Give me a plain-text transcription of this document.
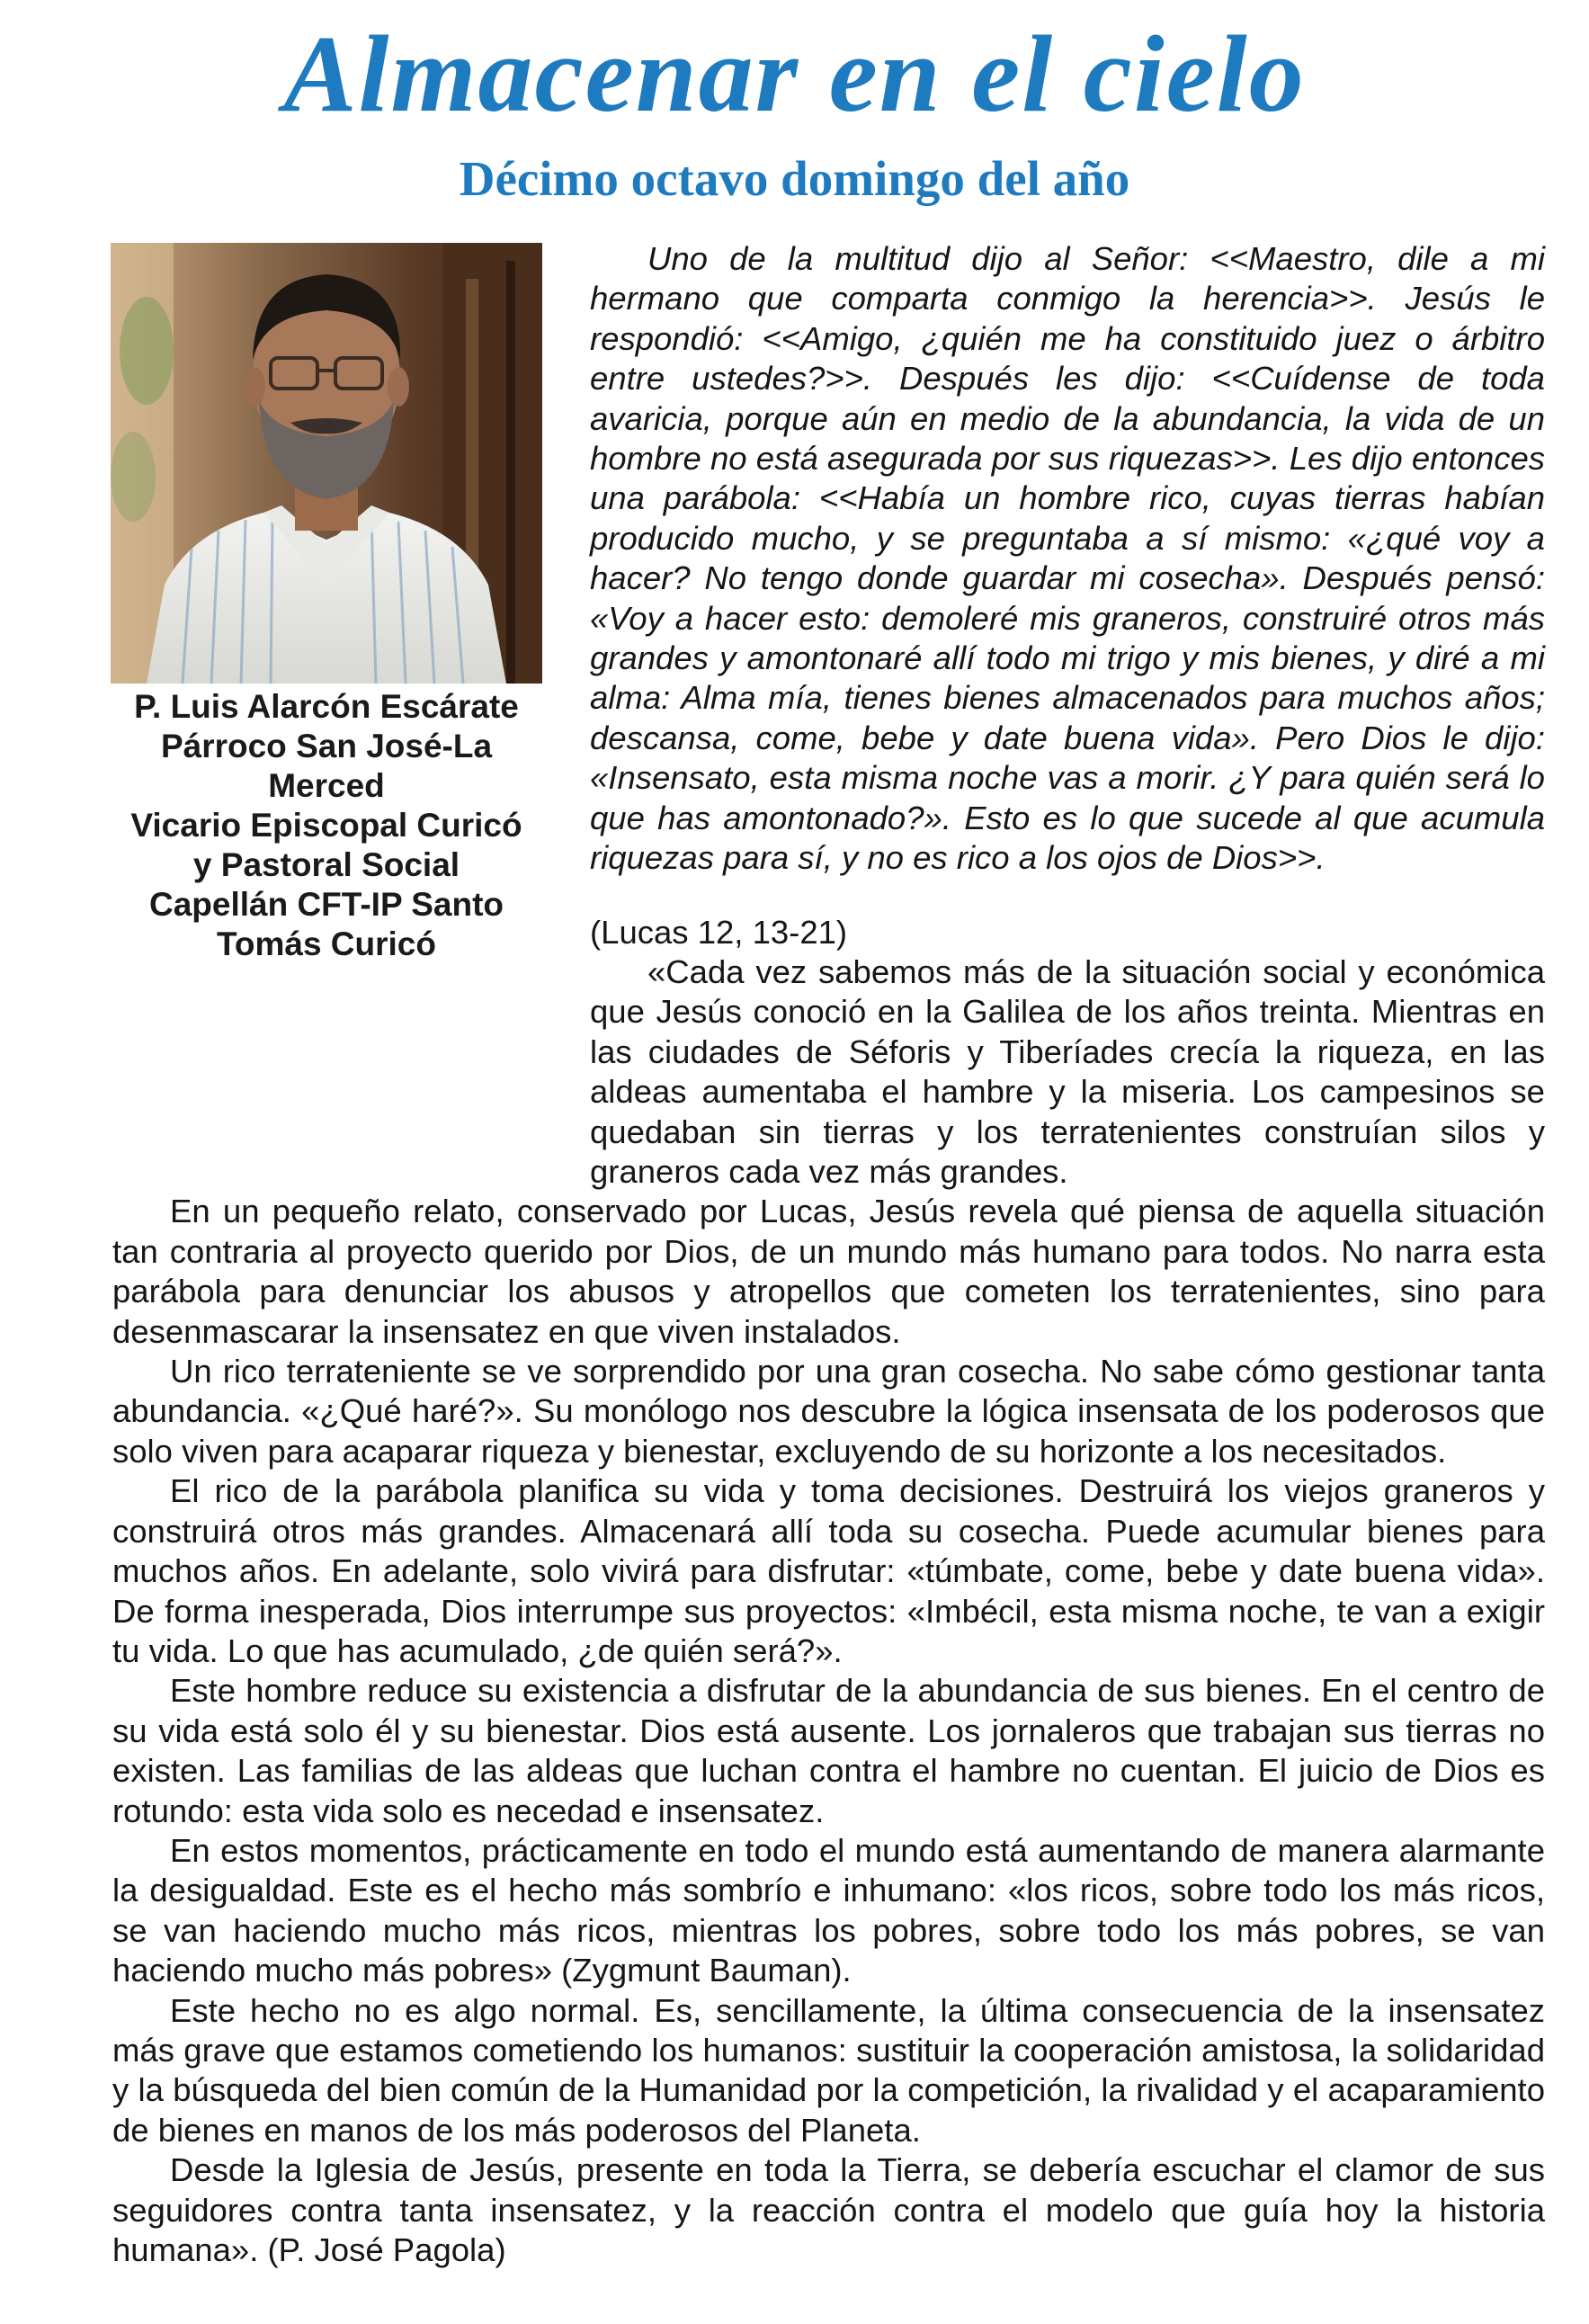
Almacenar en el cielo
Décimo octavo domingo del año
P. Luis Alarcón Escárate
Párroco San José-La
Merced
Vicario Episcopal Curicó
y Pastoral Social
Capellán CFT-IP Santo
Tomás Curicó
Uno de la multitud dijo al Señor: <<Maestro, dile a mi hermano que comparta conmigo la herencia>>. Jesús le respondió: <<Amigo, ¿quién me ha constituido juez o árbitro entre ustedes?>>. Después les dijo: <<Cuídense de toda avaricia, porque aún en medio de la abundancia, la vida de un hombre no está asegurada por sus riquezas>>. Les dijo entonces una parábola: <<Había un hombre rico, cuyas tierras habían producido mucho, y se preguntaba a sí mismo: «¿qué voy a hacer? No tengo donde guardar mi cosecha». Después pensó: «Voy a hacer esto: demoleré mis graneros, construiré otros más grandes y amontonaré allí todo mi trigo y mis bienes, y diré a mi alma: Alma mía, tienes bienes almacenados para muchos años; descansa, come, bebe y date buena vida». Pero Dios le dijo: «Insensato, esta misma noche vas a morir. ¿Y para quién será lo que has amontonado?». Esto es lo que sucede al que acumula riquezas para sí, y no es rico a los ojos de Dios>>.
(Lucas 12, 13-21)

«Cada vez sabemos más de la situación social y económica que Jesús conoció en la Galilea de los años treinta. Mientras en las ciudades de Séforis y Tiberíades crecía la riqueza, en las aldeas aumentaba el hambre y la miseria. Los campesinos se quedaban sin tierras y los terratenientes construían silos y graneros cada vez más grandes.

En un pequeño relato, conservado por Lucas, Jesús revela qué piensa de aquella situación tan contraria al proyecto querido por Dios, de un mundo más humano para todos. No narra esta parábola para denunciar los abusos y atropellos que cometen los terratenientes, sino para desenmascarar la insensatez en que viven instalados.

Un rico terrateniente se ve sorprendido por una gran cosecha. No sabe cómo gestionar tanta abundancia. «¿Qué haré?». Su monólogo nos descubre la lógica insensata de los poderosos que solo viven para acaparar riqueza y bienestar, excluyendo de su horizonte a los necesitados.

El rico de la parábola planifica su vida y toma decisiones. Destruirá los viejos graneros y construirá otros más grandes. Almacenará allí toda su cosecha. Puede acumular bienes para muchos años. En adelante, solo vivirá para disfrutar: «túmbate, come, bebe y date buena vida». De forma inesperada, Dios interrumpe sus proyectos: «Imbécil, esta misma noche, te van a exigir tu vida. Lo que has acumulado, ¿de quién será?».

Este hombre reduce su existencia a disfrutar de la abundancia de sus bienes. En el centro de su vida está solo él y su bienestar. Dios está ausente. Los jornaleros que trabajan sus tierras no existen. Las familias de las aldeas que luchan contra el hambre no cuentan. El juicio de Dios es rotundo: esta vida solo es necedad e insensatez.

En estos momentos, prácticamente en todo el mundo está aumentando de manera alarmante la desigualdad. Este es el hecho más sombrío e inhumano: «los ricos, sobre todo los más ricos, se van haciendo mucho más ricos, mientras los pobres, sobre todo los más pobres, se van haciendo mucho más pobres» (Zygmunt Bauman).

Este hecho no es algo normal. Es, sencillamente, la última consecuencia de la insensatez más grave que estamos cometiendo los humanos: sustituir la cooperación amistosa, la solidaridad y la búsqueda del bien común de la Humanidad por la competición, la rivalidad y el acaparamiento de bienes en manos de los más poderosos del Planeta.

Desde la Iglesia de Jesús, presente en toda la Tierra, se debería escuchar el clamor de sus seguidores contra tanta insensatez, y la reacción contra el modelo que guía hoy la historia humana». (P. José Pagola)
